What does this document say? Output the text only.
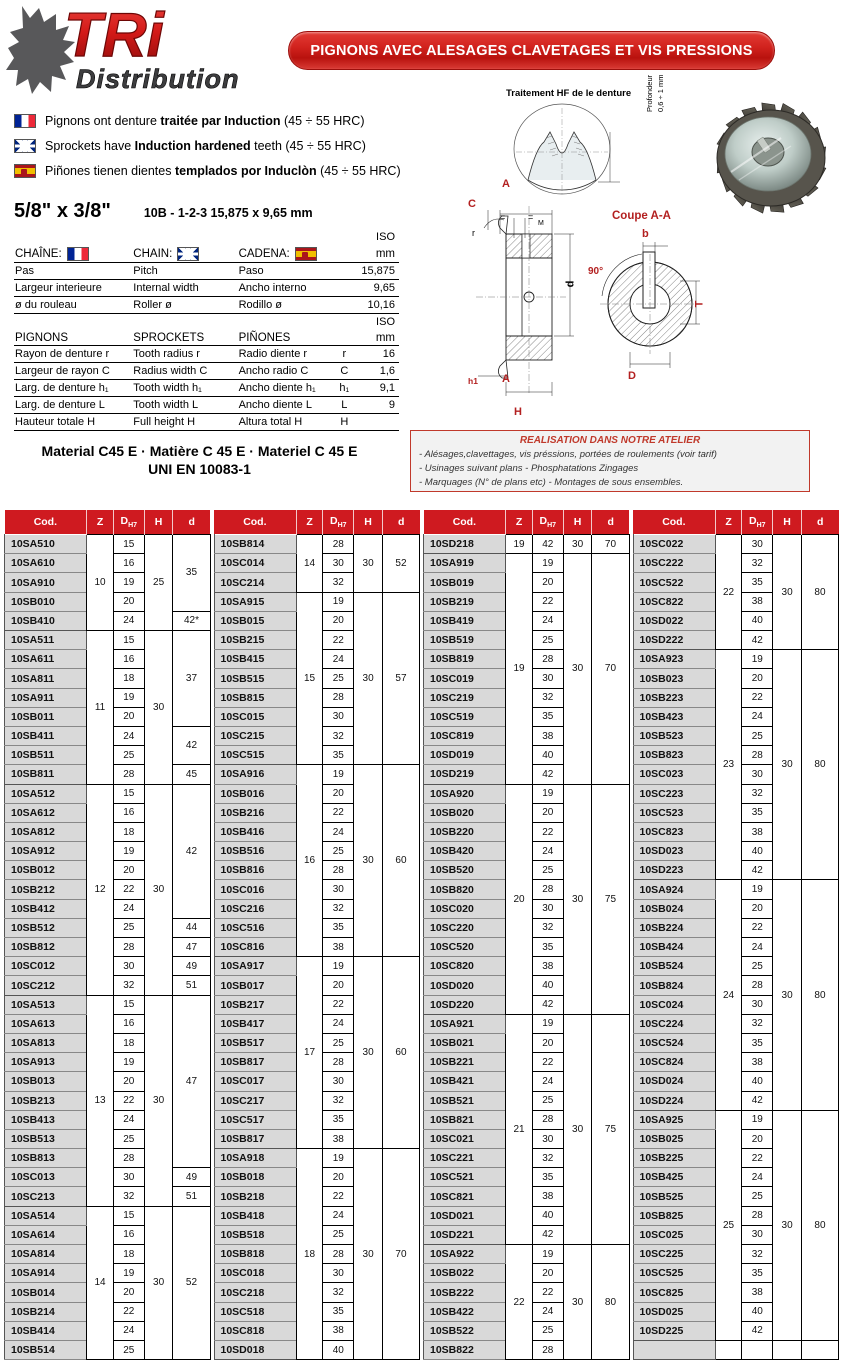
TRi
Distribution
PIGNONS AVEC ALESAGES CLAVETAGES ET VIS PRESSIONS
Pignons ont denture traitée par Induction (45 ÷ 55 HRC)
Sprockets have Induction hardened teeth (45 ÷ 55 HRC)
Piñones tienen dientes templados por Induclòn (45 ÷ 55 HRC)
5/8" x 3/8"	10B - 1-2-3 15,875 x 9,65 mm
				ISO
CHAÎNE:	CHAIN:	CADENA:		mm
Pas	Pitch	Paso		15,875
Largeur interieure	Internal width	Ancho interno		9,65
ø du rouleau	Roller ø	Rodillo ø		10,16
				ISO
PIGNONS	SPROCKETS	PIÑONES		mm
Rayon de denture r	Tooth radius r	Radio diente r	r	16
Largeur de rayon C	Radius width C	Ancho radio C	C	1,6
Larg. de denture h₁	Tooth width h₁	Ancho diente h₁	h₁	9,1
Larg. de denture L	Tooth width L	Ancho diente L	L	9
Hauteur totale H	Full height H	Altura total H	H	
Material C45 E · Matière C 45 E · Materiel C 45 E
UNI EN 10083-1
REALISATION DANS NOTRE ATELIER
- Alésages,clavettages, vis préssions, portées de roulements (voir tarif)
- Usinages suivant plans - Phosphatations Zingages
- Marquages (N° de plans etc) - Montages de sous ensembles.
Traitement HF de le denture Profondeur 0,6 ÷ 1 mm
A
A
C
r
M
=	=
d
H
h1
Coupe A-A
b
T
D
90°
Cod.	Z	$D_{H7}$	H	d
10SA510	10	15	25	35
10SA610		16		
10SA910		19		
10SB010		20		
10SB410		24		42*
10SA511	11	15	30	37
10SA611		16		
10SA811		18		
10SA911		19		
10SB011		20		
10SB411		24		42
10SB511		25		
10SB811		28		45
10SA512	12	15	30	42
10SA612		16		
10SA812		18		
10SA912		19		
10SB012		20		
10SB212		22		
10SB412		24		
10SB512		25		44
10SB812		28		47
10SC012		30		49
10SC212		32		51
10SA513	13	15	30	47
10SA613		16		
10SA813		18		
10SA913		19		
10SB013		20		
10SB213		22		
10SB413		24		
10SB513		25		
10SB813		28		
10SC013		30		49
10SC213		32		51
10SA514	14	15	30	52
10SA614		16		
10SA814		18		
10SA914		19		
10SB014		20		
10SB214		22		
10SB414		24		
10SB514		25		
Cod.	Z	$D_{H7}$	H	d
10SB814	14	28	30	52
10SC014		30		
10SC214		32		
10SA915	15	19	30	57
10SB015		20		
10SB215		22		
10SB415		24		
10SB515		25		
10SB815		28		
10SC015		30		
10SC215		32		
10SC515		35		
10SA916	16	19	30	60
10SB016		20		
10SB216		22		
10SB416		24		
10SB516		25		
10SB816		28		
10SC016		30		
10SC216		32		
10SC516		35		
10SC816		38		
10SA917	17	19	30	60
10SB017		20		
10SB217		22		
10SB417		24		
10SB517		25		
10SB817		28		
10SC017		30		
10SC217		32		
10SC517		35		
10SB817		38		
10SA918	18	19	30	70
10SB018		20		
10SB218		22		
10SB418		24		
10SB518		25		
10SB818		28		
10SC018		30		
10SC218		32		
10SC518		35		
10SC818		38		
10SD018		40		
Cod.	Z	$D_{H7}$	H	d
10SD218	19	42	30	70
10SA919	19	19	30	70
10SB019		20		
10SB219		22		
10SB419		24		
10SB519		25		
10SB819		28		
10SC019		30		
10SC219		32		
10SC519		35		
10SC819		38		
10SD019		40		
10SD219		42		
10SA920	20	19	30	75
10SB020		20		
10SB220		22		
10SB420		24		
10SB520		25		
10SB820		28		
10SC020		30		
10SC220		32		
10SC520		35		
10SC820		38		
10SD020		40		
10SD220		42		
10SA921	21	19	30	75
10SB021		20		
10SB221		22		
10SB421		24		
10SB521		25		
10SB821		28		
10SC021		30		
10SC221		32		
10SC521		35		
10SC821		38		
10SD021		40		
10SD221		42		
10SA922	22	19	30	80
10SB022		20		
10SB222		22		
10SB422		24		
10SB522		25		
10SB822		28		
Cod.	Z	$D_{H7}$	H	d
10SC022	22	30	30	80
10SC222		32		
10SC522		35		
10SC822		38		
10SD022		40		
10SD222		42		
10SA923	23	19	30	80
10SB023		20		
10SB223		22		
10SB423		24		
10SB523		25		
10SB823		28		
10SC023		30		
10SC223		32		
10SC523		35		
10SC823		38		
10SD023		40		
10SD223		42		
10SA924	24	19	30	80
10SB024		20		
10SB224		22		
10SB424		24		
10SB524		25		
10SB824		28		
10SC024		30		
10SC224		32		
10SC524		35		
10SC824		38		
10SD024		40		
10SD224		42		
10SA925	25	19	30	80
10SB025		20		
10SB225		22		
10SB425		24		
10SB525		25		
10SB825		28		
10SC025		30		
10SC225		32		
10SC525		35		
10SC825		38		
10SD025		40		
10SD225		42		
